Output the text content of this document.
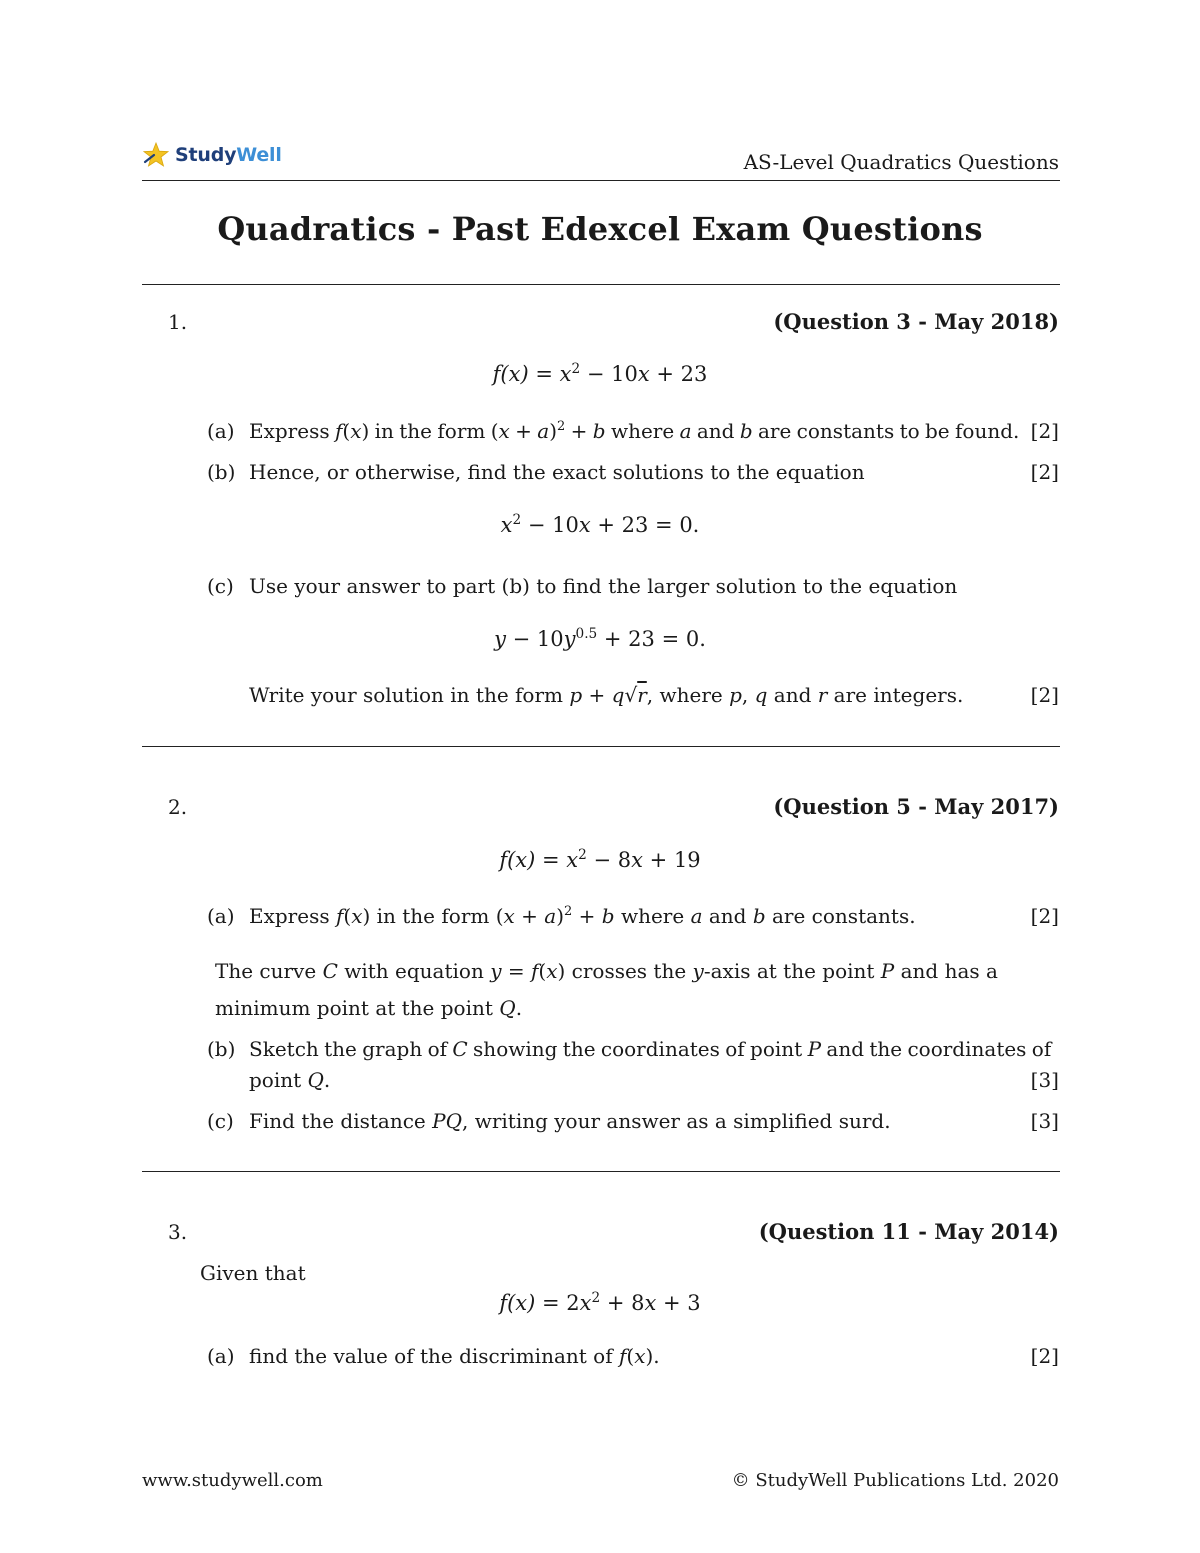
StudyWell	AS-Level Quadratics Questions
Quadratics - Past Edexcel Exam Questions
1.	(Question 3 - May 2018)
$f(x) = x^2 - 10x + 23$
(a) Express f(x) in the form $(x + a)^2 + b$ where a and b are constants to be found. [2]
(b) Hence, or otherwise, find the exact solutions to the equation	[2]
$x^2 - 10x + 23 = 0$.
(c) Use your answer to part (b) to find the larger solution to the equation
$y - 10y^{0.5} + 23 = 0$.
Write your solution in the form p + q√r, where p, q and r are integers.	[2]
2.	(Question 5 - May 2017)
$f(x) = x^2 - 8x + 19$
(a) Express f(x) in the form $(x + a)^2 + b$ where a and b are constants.	[2]
The curve C with equation y = f(x) crosses the y-axis at the point P and has a
minimum point at the point Q.
(b) Sketch the graph of C showing the coordinates of point P and the coordinates of
point Q.	[3]
(c) Find the distance PQ, writing your answer as a simplified surd.	[3]
3.	(Question 11 - May 2014)
Given that
$f(x) = 2x^2 + 8x + 3$
(a) find the value of the discriminant of f(x).	[2]
www.studywell.com	© StudyWell Publications Ltd. 2020
